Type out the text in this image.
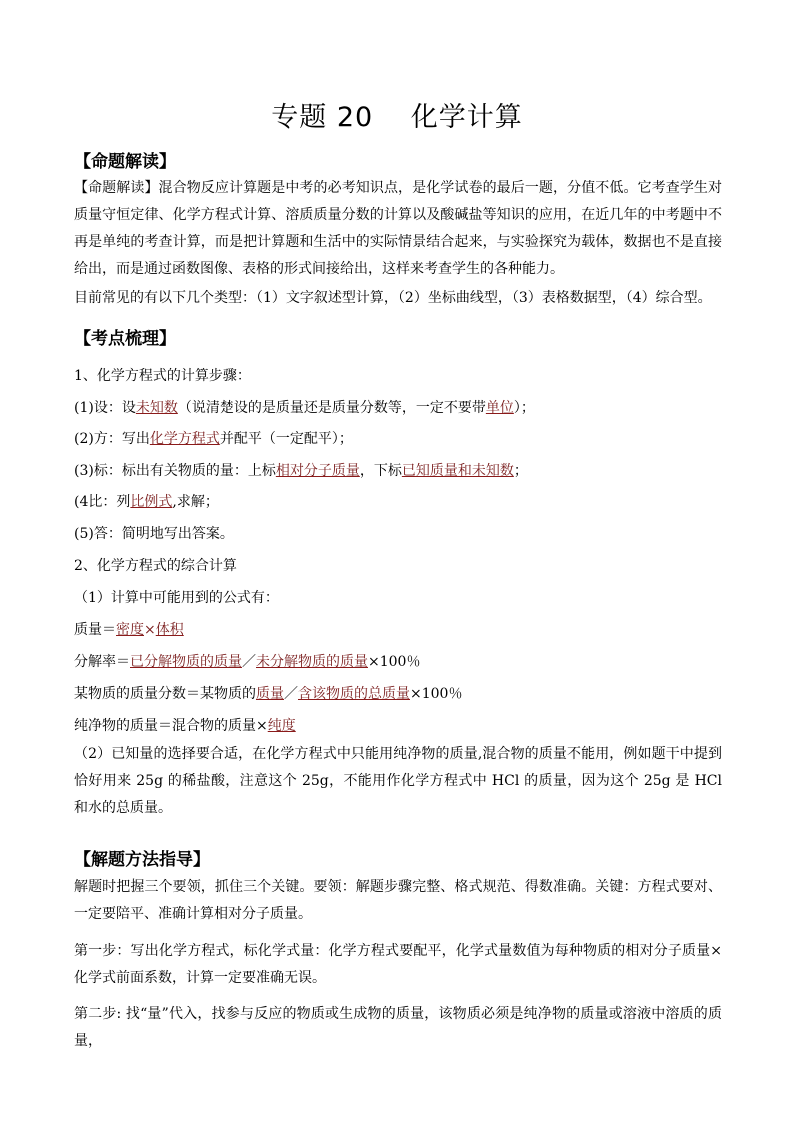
专题 20　 化学计算
【命题解读】
【命题解读】混合物反应计算题是中考的必考知识点，是化学试卷的最后一题，分值不低。它考查学生对质量守恒定律、化学方程式计算、溶质质量分数的计算以及酸碱盐等知识的应用，在近几年的中考题中不再是单纯的考查计算，而是把计算题和生活中的实际情景结合起来，与实验探究为载体，数据也不是直接给出，而是通过函数图像、表格的形式间接给出，这样来考查学生的各种能力。
目前常见的有以下几个类型：（1）文字叙述型计算，（2）坐标曲线型，（3）表格数据型，（4）综合型。
【考点梳理】
1、化学方程式的计算步骤：
(1)设：设未知数（说清楚设的是质量还是质量分数等，一定不要带单位）；
(2)方：写出化学方程式并配平（一定配平）；
(3)标：标出有关物质的量：上标相对分子质量，下标已知质量和未知数；
(4比：列比例式,求解；
(5)答：简明地写出答案。
2、化学方程式的综合计算
（1）计算中可能用到的公式有：
质量＝密度×体积
分解率＝已分解物质的质量／未分解物质的质量×100％
某物质的质量分数＝某物质的质量／含该物质的总质量×100％
纯净物的质量＝混合物的质量×纯度
（2）已知量的选择要合适，在化学方程式中只能用纯净物的质量,混合物的质量不能用，例如题干中提到恰好用来 25g 的稀盐酸，注意这个 25g，不能用作化学方程式中 HCl 的质量，因为这个 25g 是 HCl 和水的总质量。
【解题方法指导】
解题时把握三个要领，抓住三个关键。要领：解题步骤完整、格式规范、得数准确。关键：方程式要对、一定要陪平、准确计算相对分子质量。
第一步：写出化学方程式，标化学式量：化学方程式要配平，化学式量数值为每种物质的相对分子质量×化学式前面系数，计算一定要准确无误。
第二步: 找“量”代入，找参与反应的物质或生成物的质量，该物质必须是纯净物的质量或溶液中溶质的质量，
